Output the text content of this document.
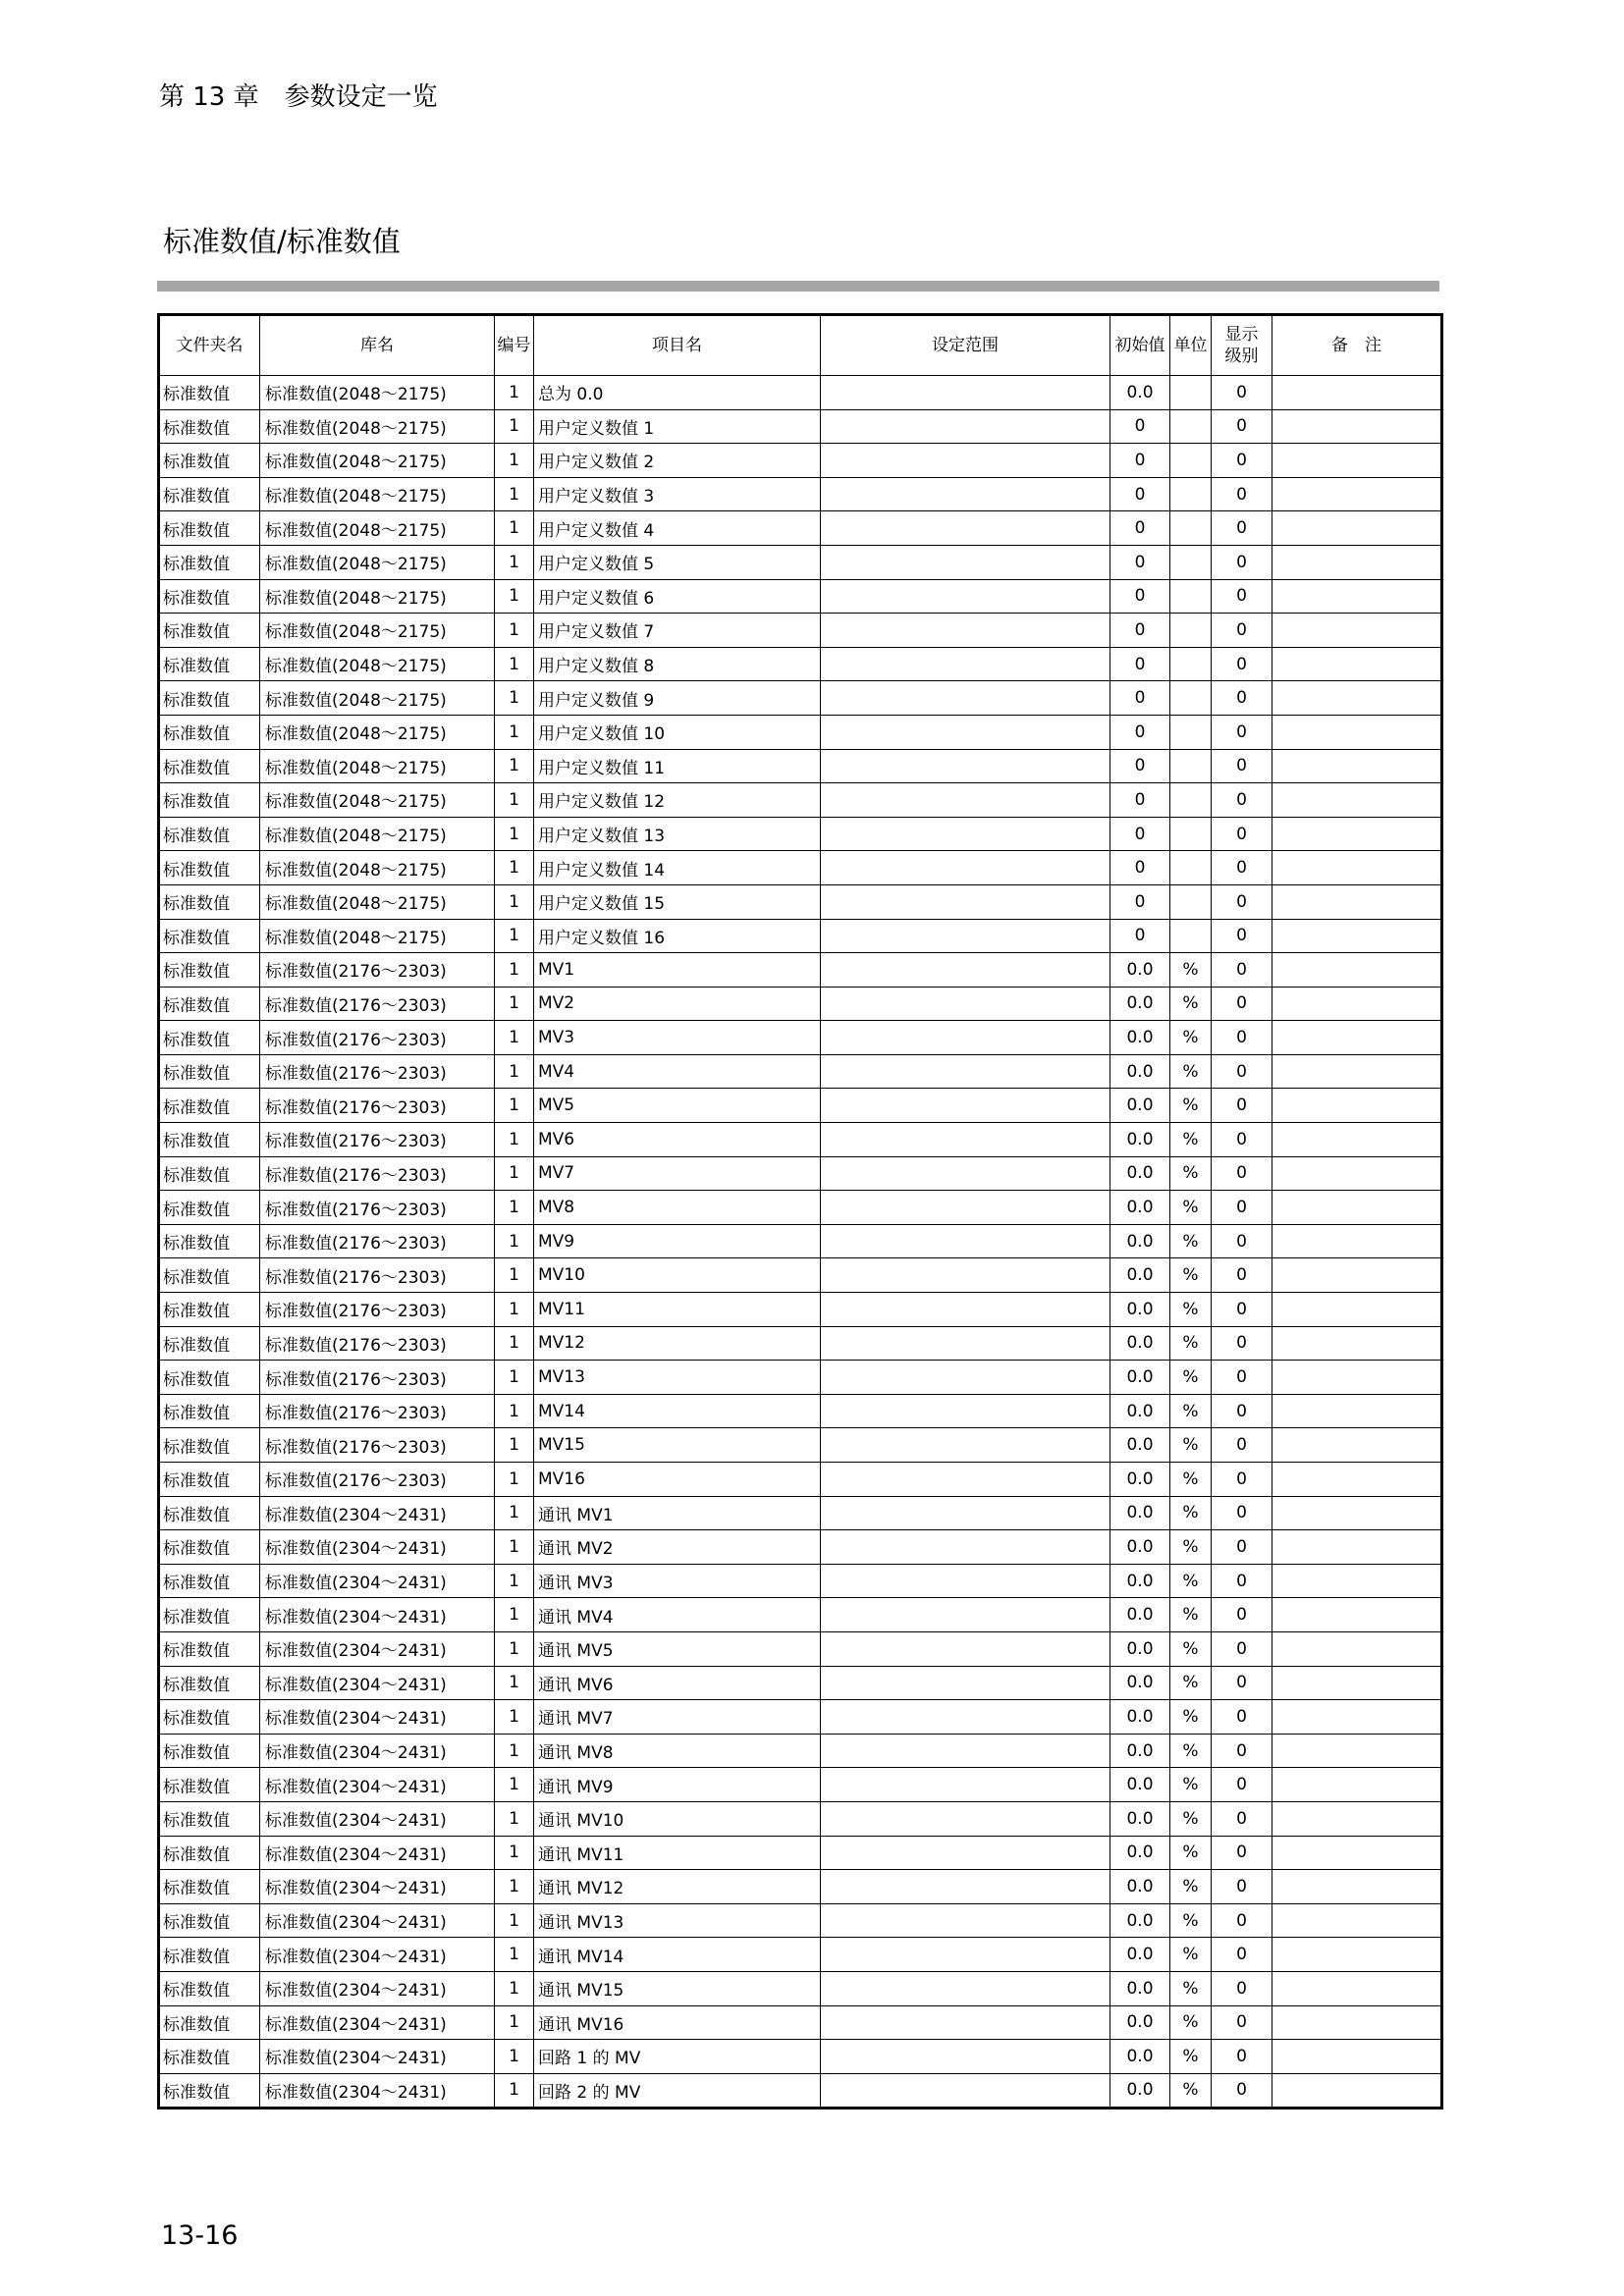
第 13 章　参数设定一览
标准数值/标准数值
文件夹名	库名	编号	项目名	设定范围	初始值	单位	显示
级别	备　注
标准数值	标准数值(2048～2175)	1	总为 0.0		0.0		0	
标准数值	标准数值(2048～2175)	1	用户定义数值 1		0		0	
标准数值	标准数值(2048～2175)	1	用户定义数值 2		0		0	
标准数值	标准数值(2048～2175)	1	用户定义数值 3		0		0	
标准数值	标准数值(2048～2175)	1	用户定义数值 4		0		0	
标准数值	标准数值(2048～2175)	1	用户定义数值 5		0		0	
标准数值	标准数值(2048～2175)	1	用户定义数值 6		0		0	
标准数值	标准数值(2048～2175)	1	用户定义数值 7		0		0	
标准数值	标准数值(2048～2175)	1	用户定义数值 8		0		0	
标准数值	标准数值(2048～2175)	1	用户定义数值 9		0		0	
标准数值	标准数值(2048～2175)	1	用户定义数值 10		0		0	
标准数值	标准数值(2048～2175)	1	用户定义数值 11		0		0	
标准数值	标准数值(2048～2175)	1	用户定义数值 12		0		0	
标准数值	标准数值(2048～2175)	1	用户定义数值 13		0		0	
标准数值	标准数值(2048～2175)	1	用户定义数值 14		0		0	
标准数值	标准数值(2048～2175)	1	用户定义数值 15		0		0	
标准数值	标准数值(2048～2175)	1	用户定义数值 16		0		0	
标准数值	标准数值(2176～2303)	1	MV1		0.0	%	0	
标准数值	标准数值(2176～2303)	1	MV2		0.0	%	0	
标准数值	标准数值(2176～2303)	1	MV3		0.0	%	0	
标准数值	标准数值(2176～2303)	1	MV4		0.0	%	0	
标准数值	标准数值(2176～2303)	1	MV5		0.0	%	0	
标准数值	标准数值(2176～2303)	1	MV6		0.0	%	0	
标准数值	标准数值(2176～2303)	1	MV7		0.0	%	0	
标准数值	标准数值(2176～2303)	1	MV8		0.0	%	0	
标准数值	标准数值(2176～2303)	1	MV9		0.0	%	0	
标准数值	标准数值(2176～2303)	1	MV10		0.0	%	0	
标准数值	标准数值(2176～2303)	1	MV11		0.0	%	0	
标准数值	标准数值(2176～2303)	1	MV12		0.0	%	0	
标准数值	标准数值(2176～2303)	1	MV13		0.0	%	0	
标准数值	标准数值(2176～2303)	1	MV14		0.0	%	0	
标准数值	标准数值(2176～2303)	1	MV15		0.0	%	0	
标准数值	标准数值(2176～2303)	1	MV16		0.0	%	0	
标准数值	标准数值(2304～2431)	1	通讯 MV1		0.0	%	0	
标准数值	标准数值(2304～2431)	1	通讯 MV2		0.0	%	0	
标准数值	标准数值(2304～2431)	1	通讯 MV3		0.0	%	0	
标准数值	标准数值(2304～2431)	1	通讯 MV4		0.0	%	0	
标准数值	标准数值(2304～2431)	1	通讯 MV5		0.0	%	0	
标准数值	标准数值(2304～2431)	1	通讯 MV6		0.0	%	0	
标准数值	标准数值(2304～2431)	1	通讯 MV7		0.0	%	0	
标准数值	标准数值(2304～2431)	1	通讯 MV8		0.0	%	0	
标准数值	标准数值(2304～2431)	1	通讯 MV9		0.0	%	0	
标准数值	标准数值(2304～2431)	1	通讯 MV10		0.0	%	0	
标准数值	标准数值(2304～2431)	1	通讯 MV11		0.0	%	0	
标准数值	标准数值(2304～2431)	1	通讯 MV12		0.0	%	0	
标准数值	标准数值(2304～2431)	1	通讯 MV13		0.0	%	0	
标准数值	标准数值(2304～2431)	1	通讯 MV14		0.0	%	0	
标准数值	标准数值(2304～2431)	1	通讯 MV15		0.0	%	0	
标准数值	标准数值(2304～2431)	1	通讯 MV16		0.0	%	0	
标准数值	标准数值(2304～2431)	1	回路 1 的 MV		0.0	%	0	
标准数值	标准数值(2304～2431)	1	回路 2 的 MV		0.0	%	0	
13-16
